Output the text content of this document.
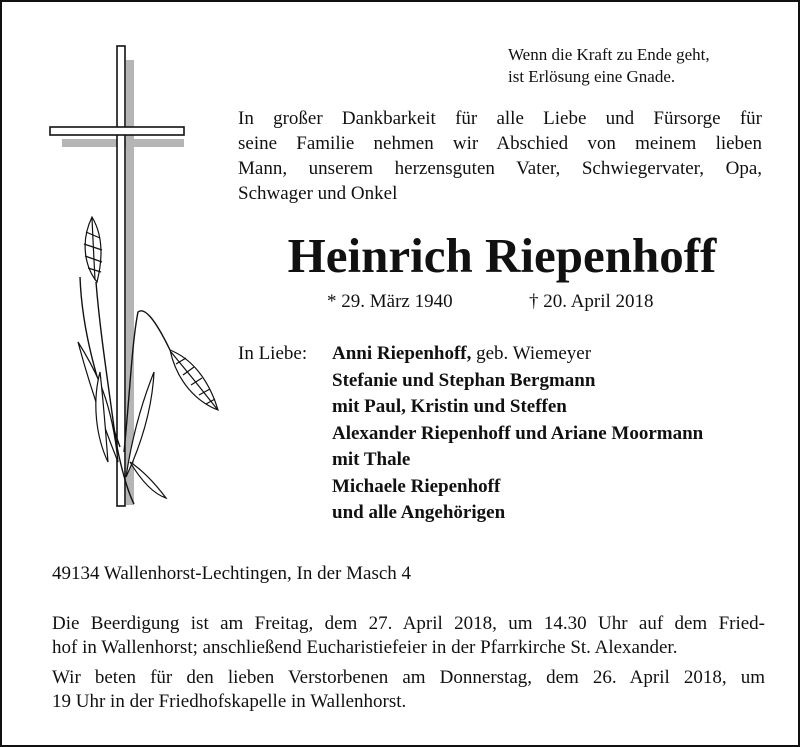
Wenn die Kraft zu Ende geht,
ist Erlösung eine Gnade.
In großer Dankbarkeit für alle Liebe und Fürsorge für
seine Familie nehmen wir Abschied von meinem lieben
Mann, unserem herzensguten Vater, Schwiegervater, Opa,
Schwager und Onkel
Heinrich Riepenhoff
* 29. März 1940	† 20. April 2018
In Liebe: Anni Riepenhoff, geb. Wiemeyer
Stefanie und Stephan Bergmann
mit Paul, Kristin und Steffen
Alexander Riepenhoff und Ariane Moormann
mit Thale
Michaele Riepenhoff
und alle Angehörigen
49134 Wallenhorst-Lechtingen, In der Masch 4
Die Beerdigung ist am Freitag, dem 27. April 2018, um 14.30 Uhr auf dem Fried-
hof in Wallenhorst; anschließend Eucharistiefeier in der Pfarrkirche St. Alexander.
Wir beten für den lieben Verstorbenen am Donnerstag, dem 26. April 2018, um
19 Uhr in der Friedhofskapelle in Wallenhorst.
